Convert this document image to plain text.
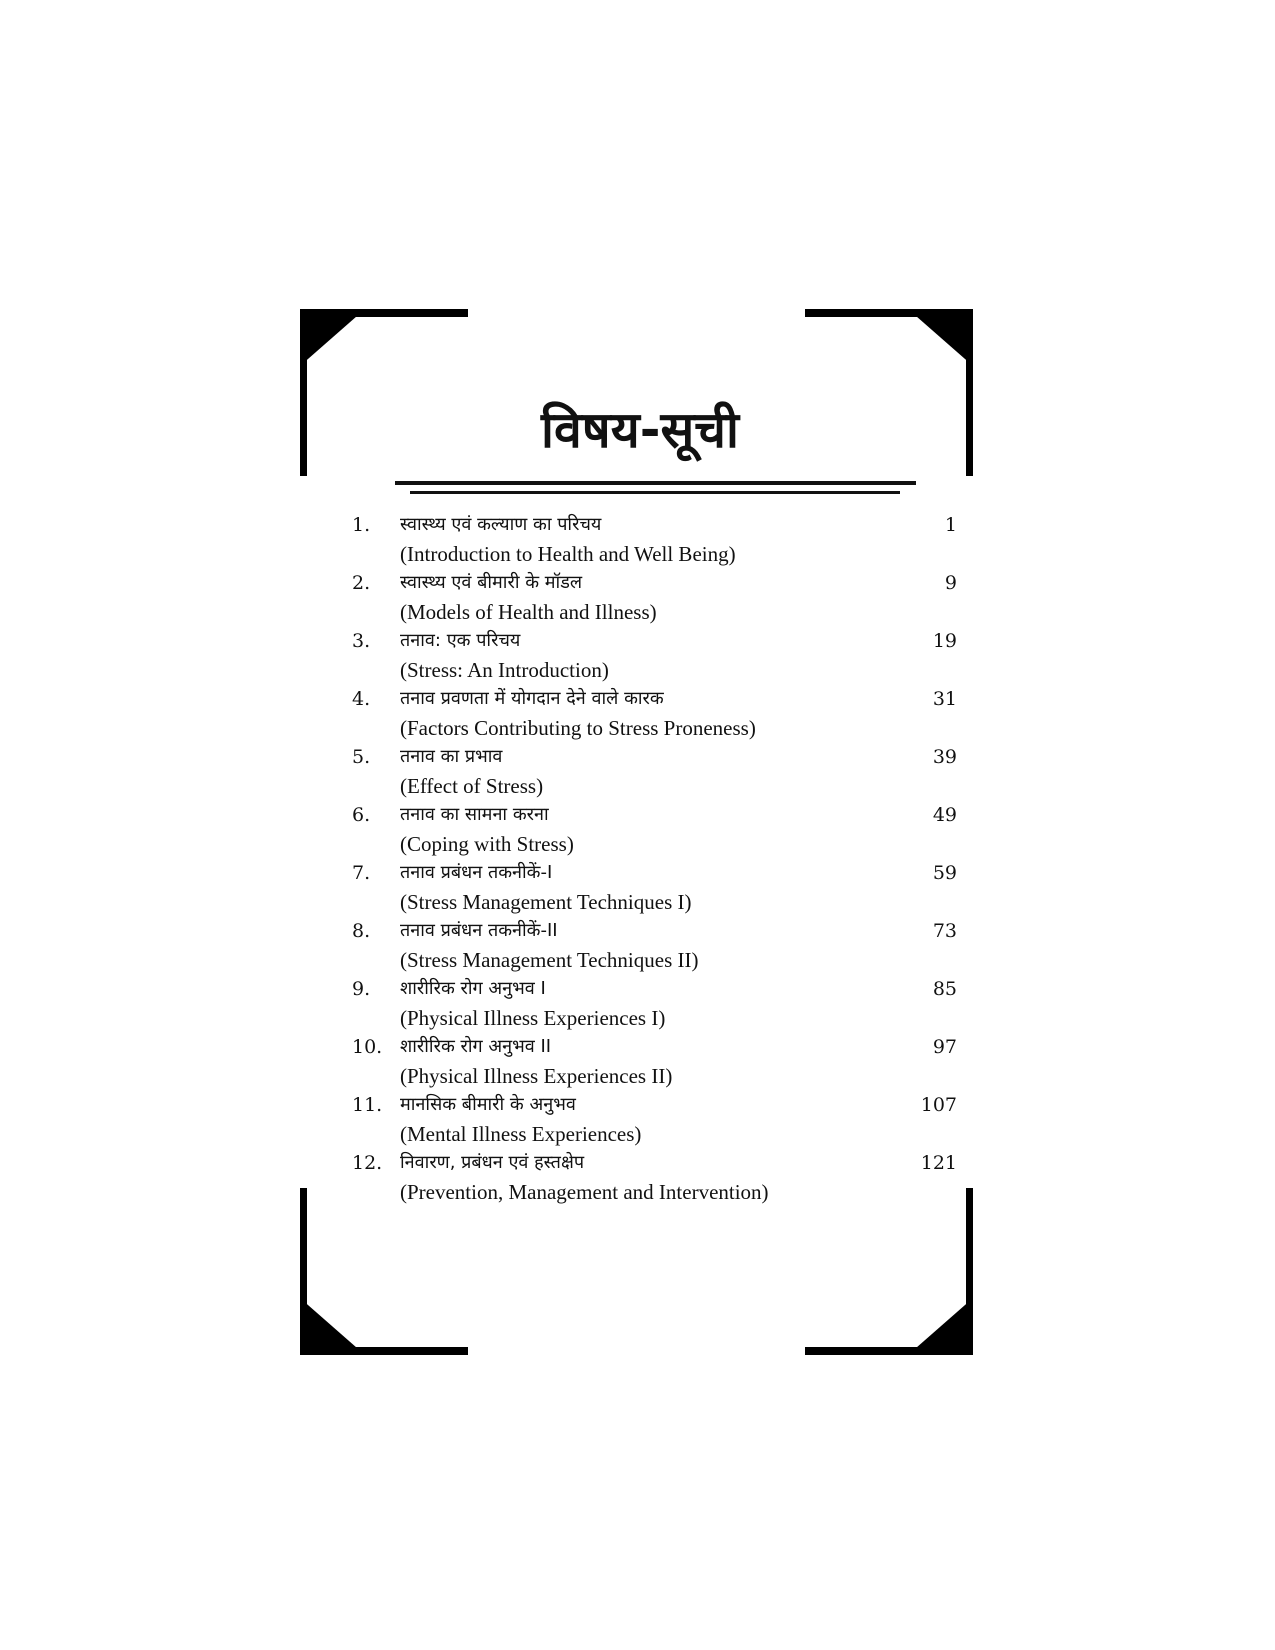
विषय-सूची
1. स्वास्थ्य एवं कल्याण का परिचय	1
(Introduction to Health and Well Being)
2. स्वास्थ्य एवं बीमारी के मॉडल	9
(Models of Health and Illness)
3. तनाव: एक परिचय	19
(Stress: An Introduction)
4. तनाव प्रवणता में योगदान देने वाले कारक	31
(Factors Contributing to Stress Proneness)
5. तनाव का प्रभाव	39
(Effect of Stress)
6. तनाव का सामना करना	49
(Coping with Stress)
7. तनाव प्रबंधन तकनीकें-I	59
(Stress Management Techniques I)
8. तनाव प्रबंधन तकनीकें-II	73
(Stress Management Techniques II)
9. शारीरिक रोग अनुभव I	85
(Physical Illness Experiences I)
10. शारीरिक रोग अनुभव II	97
(Physical Illness Experiences II)
11. मानसिक बीमारी के अनुभव	107
(Mental Illness Experiences)
12. निवारण, प्रबंधन एवं हस्तक्षेप	121
(Prevention, Management and Intervention)
